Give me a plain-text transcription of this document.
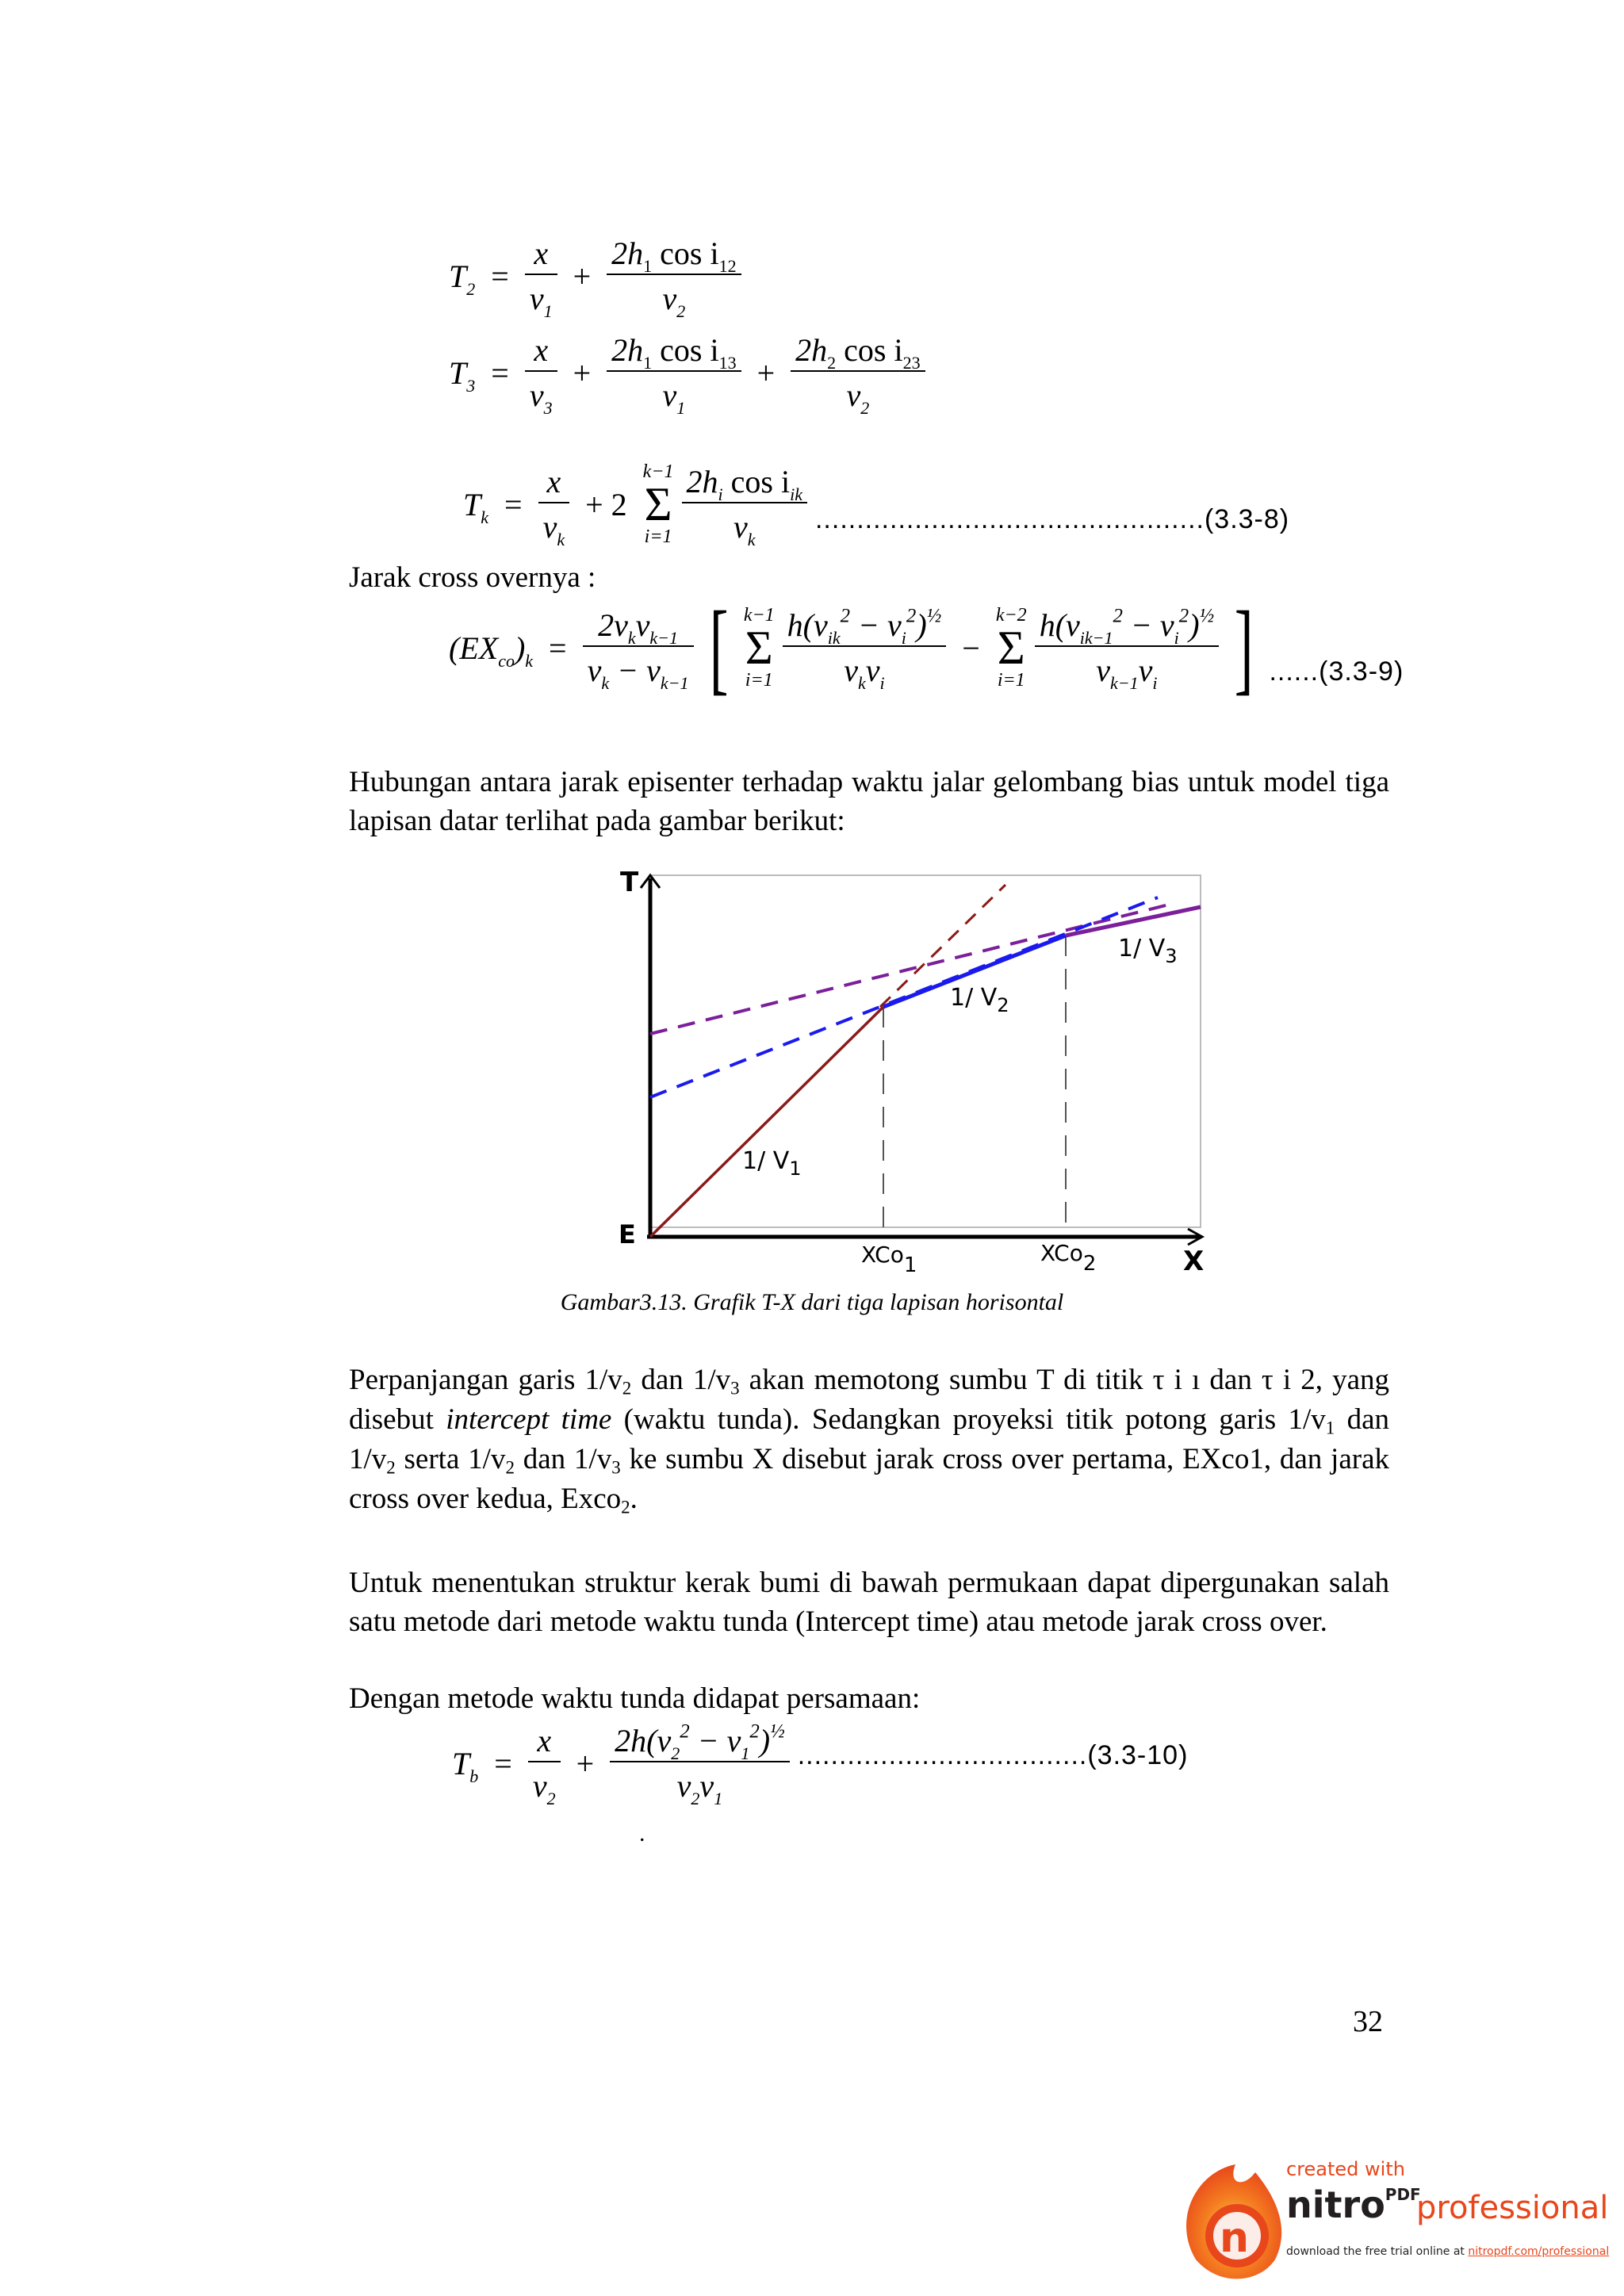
$T_2 = \frac{x}{v_1} + \frac{2h_1 \cos i_{12}}{v_2}$
$T_3 = \frac{x}{v_3} + \frac{2h_1 \cos i_{13}}{v_1} + \frac{2h_2 \cos i_{23}}{v_2}$
$T_k = \frac{x}{v_k} + 2$ k−1
Σ
$i=1 \frac{2h_i \cos i_{ik}}{v_k} ...............................................(3.3-8)$
Jarak cross overnya :
$(EX_{co})_k = \frac{2v_kv_{k-1}}{v_k - v_{k-1}}$ [ k−1
Σ
$i=1 \frac{h(v_{ik}^2 - v_i^2)^{\frac{1}{2}}}{v_kv_i} - k-2$
Σ
$i=1 \frac{h(v_{ik-1}^2 - v_i^2)^{\frac{1}{2}}}{v_{k-1}v_i}$ ] ......(3.3-9)
Hubungan antara jarak episenter terhadap waktu jalar gelombang bias untuk model tiga lapisan datar terlihat pada gambar berikut:
T
E
X
1/ $V_1$
1/ $V_2$
1/ $V_3$
XCo1	XCo2
Gambar3.13. Grafik T-X dari tiga lapisan horisontal
Perpanjangan garis $1/v_2$ dan $1/v_3$ akan memotong sumbu T di titik τ i ı dan τ i 2, yang disebut intercept time (waktu tunda). Sedangkan proyeksi titik potong garis $1/v_1$ dan $1/v_2$ serta $1/v_2$ dan $1/v_3$ ke sumbu X disebut jarak cross over pertama, EXco1, dan jarak cross over kedua, Exco$_2$.
Untuk menentukan struktur kerak bumi di bawah permukaan dapat dipergunakan salah satu metode dari metode waktu tunda (Intercept time) atau metode jarak cross over.
Dengan metode waktu tunda didapat persamaan:
$T_b = \frac{x}{v_2} + \frac{2h(v_2^2 - v_1^2)^{\frac{1}{2}}}{v_2v_1} ...................................(3.3-10)$
.
32
n
created with
nitro$^{PDF}$
professional
download the free trial online at nitropdf.com/professional
